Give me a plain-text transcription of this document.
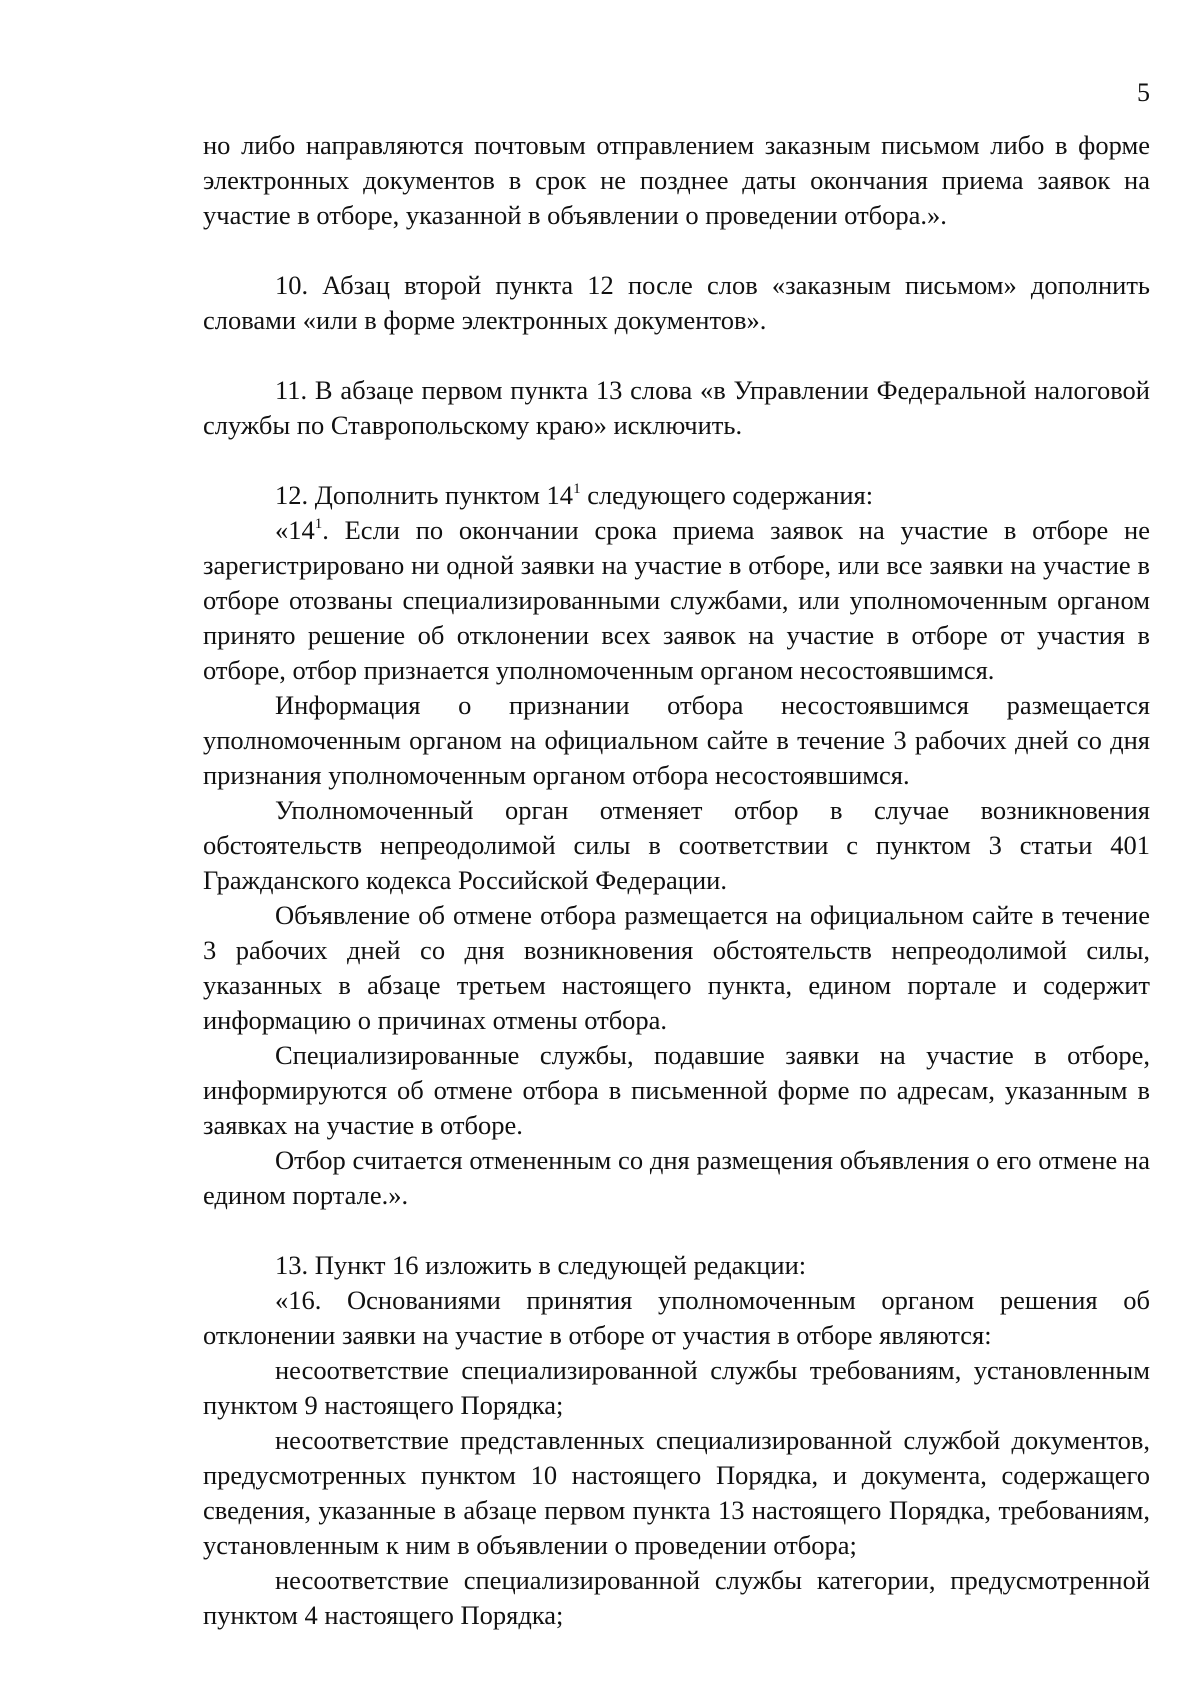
5

но либо направляются почтовым отправлением заказным письмом либо в форме электронных документов в срок не позднее даты окончания приема заявок на участие в отборе, указанной в объявлении о проведении отбора.».

10. Абзац второй пункта 12 после слов «заказным письмом» дополнить словами «или в форме электронных документов».

11. В абзаце первом пункта 13 слова «в Управлении Федеральной налоговой службы по Ставропольскому краю» исключить.

12. Дополнить пунктом $14^1$ следующего содержания:

«$14^1$. Если по окончании срока приема заявок на участие в отборе не зарегистрировано ни одной заявки на участие в отборе, или все заявки на участие в отборе отозваны специализированными службами, или уполномоченным органом принято решение об отклонении всех заявок на участие в отборе от участия в отборе, отбор признается уполномоченным органом несостоявшимся.

Информация о признании отбора несостоявшимся размещается уполномоченным органом на официальном сайте в течение 3 рабочих дней со дня признания уполномоченным органом отбора несостоявшимся.

Уполномоченный орган отменяет отбор в случае возникновения обстоятельств непреодолимой силы в соответствии с пунктом 3 статьи 401 Гражданского кодекса Российской Федерации.

Объявление об отмене отбора размещается на официальном сайте в течение 3 рабочих дней со дня возникновения обстоятельств непреодолимой силы, указанных в абзаце третьем настоящего пункта, едином портале и содержит информацию о причинах отмены отбора.

Специализированные службы, подавшие заявки на участие в отборе, информируются об отмене отбора в письменной форме по адресам, указанным в заявках на участие в отборе.

Отбор считается отмененным со дня размещения объявления о его отмене на едином портале.».

13. Пункт 16 изложить в следующей редакции:

«16. Основаниями принятия уполномоченным органом решения об отклонении заявки на участие в отборе от участия в отборе являются:

несоответствие специализированной службы требованиям, установленным пунктом 9 настоящего Порядка;

несоответствие представленных специализированной службой документов, предусмотренных пунктом 10 настоящего Порядка, и документа, содержащего сведения, указанные в абзаце первом пункта 13 настоящего Порядка, требованиям, установленным к ним в объявлении о проведении отбора;

несоответствие специализированной службы категории, предусмотренной пунктом 4 настоящего Порядка;
